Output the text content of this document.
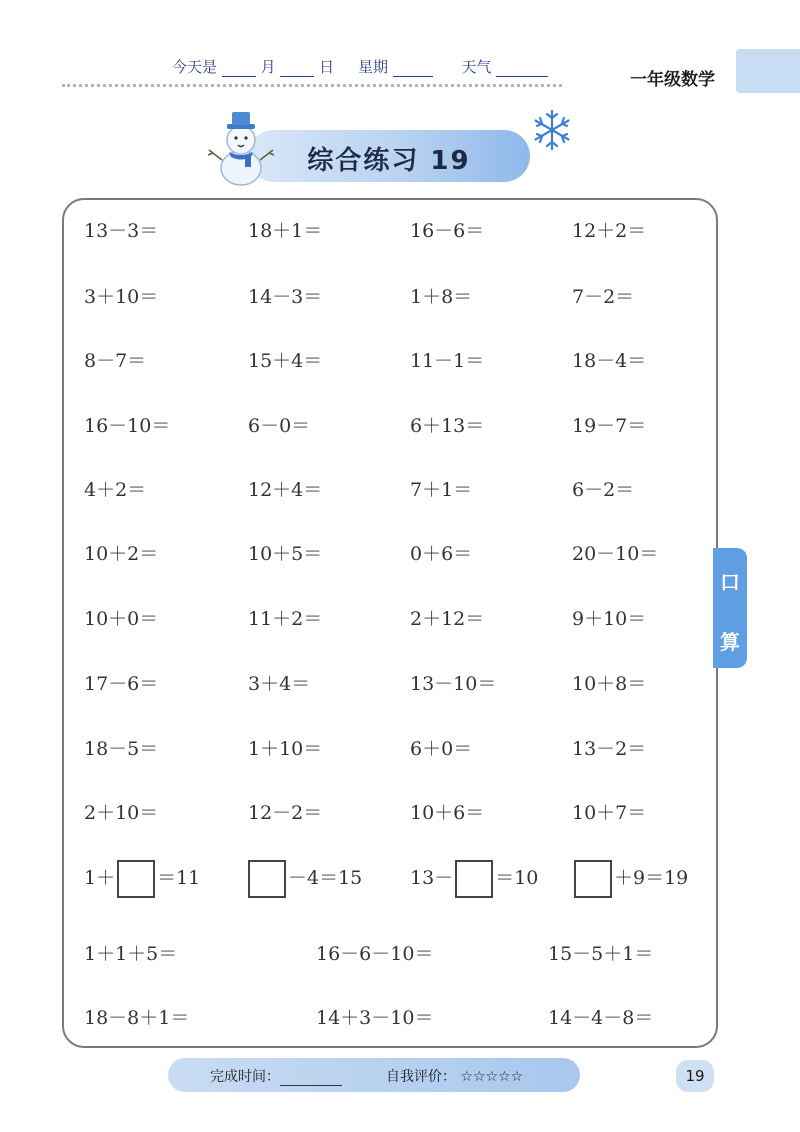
今天是	月	日 星期	天气
一年级数学
综合练习 19
13－3＝	18＋1＝	16－6＝	12＋2＝
3＋10＝	14－3＝	1＋8＝	7－2＝
8－7＝	15＋4＝	11－1＝	18－4＝
16－10＝	6－0＝	6＋13＝	19－7＝
4＋2＝	12＋4＝	7＋1＝	6－2＝
10＋2＝	10＋5＝	0＋6＝	20－10＝
10＋0＝	11＋2＝	2＋12＝	9＋10＝
17－6＝	3＋4＝	13－10＝	10＋8＝
18－5＝	1＋10＝	6＋0＝	13－2＝
2＋10＝	12－2＝	10＋6＝	10＋7＝
1＋ ＝11	－4＝15	13－ ＝10	＋9＝19
1＋1＋5＝	16－6－10＝	15－5＋1＝
18－8＋1＝	14＋3－10＝	14－4－8＝
口
算
完成时间：	自我评价： ☆☆☆☆☆	19
